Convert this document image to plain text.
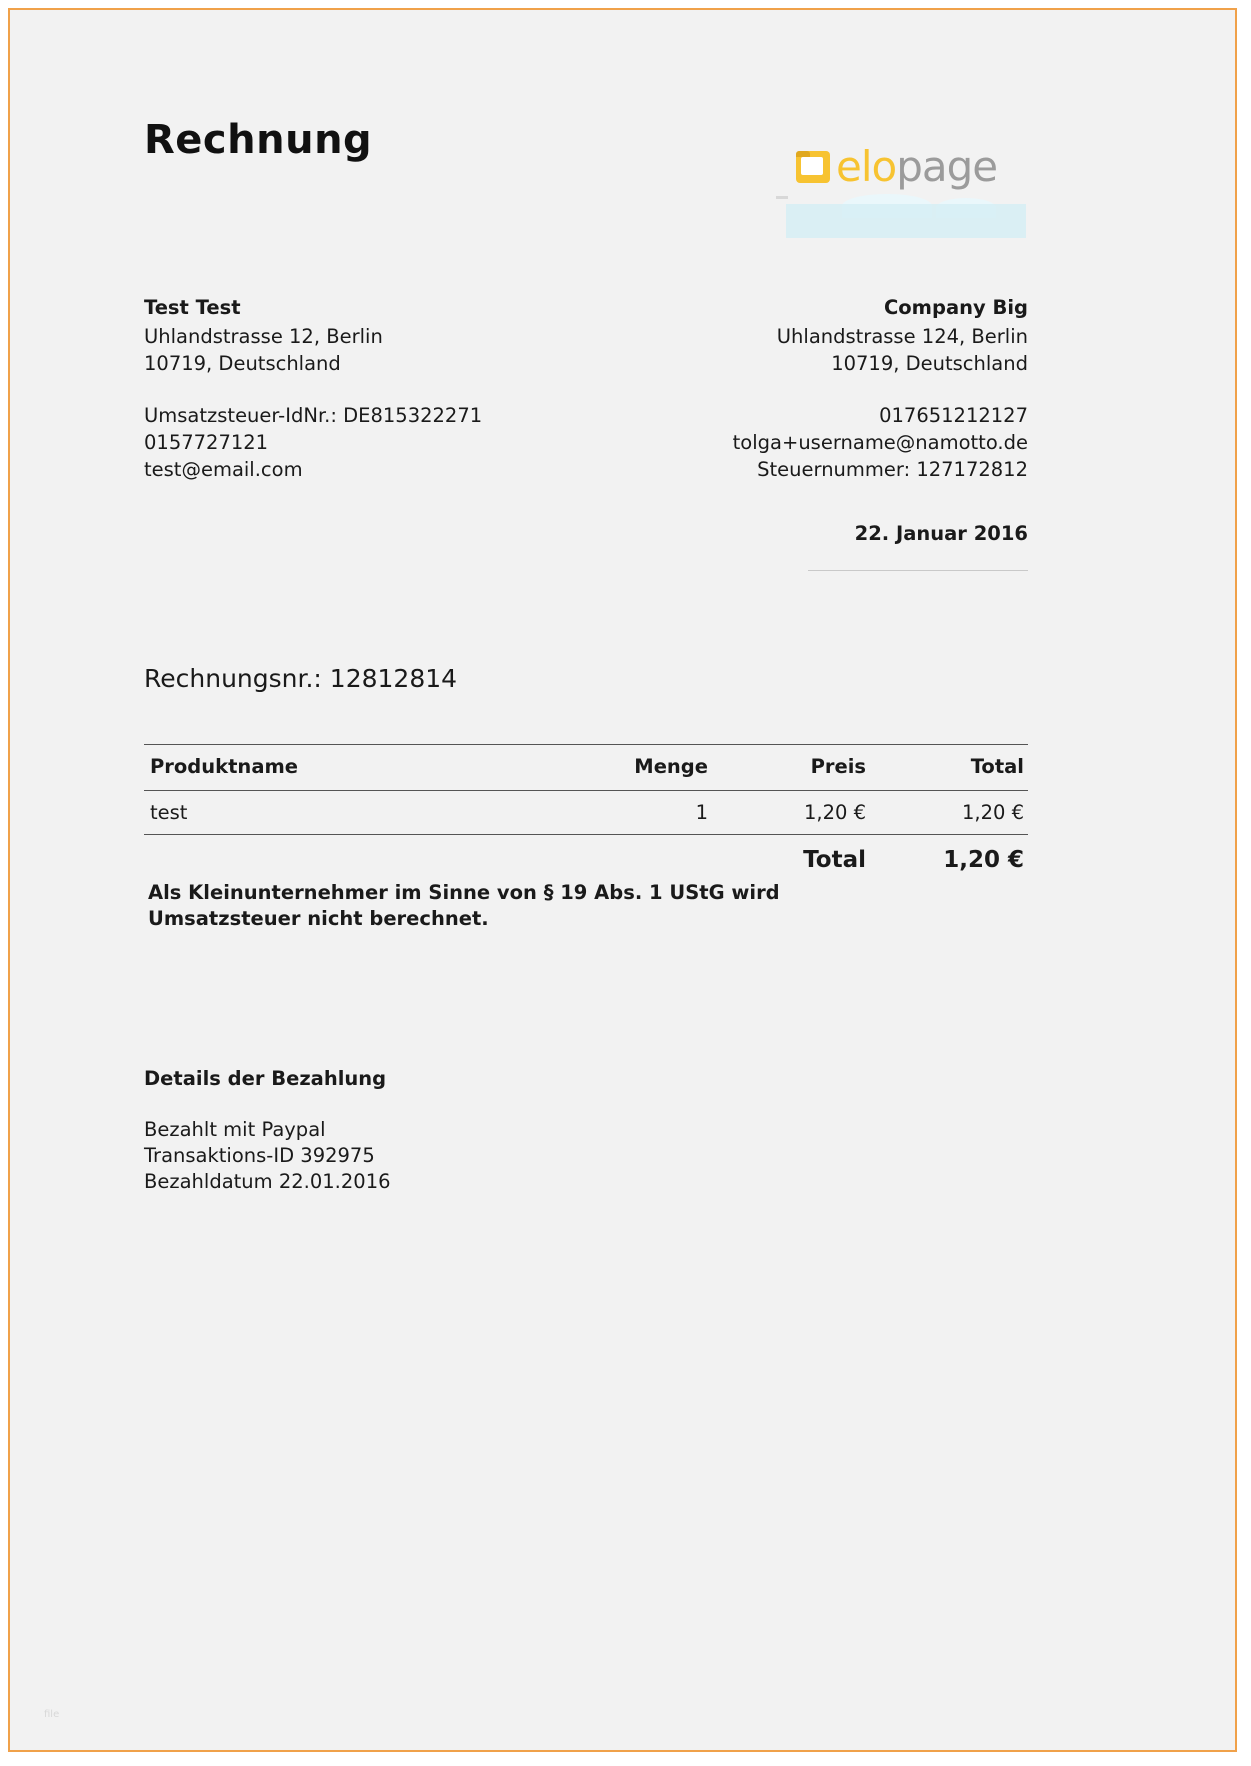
Rechnung
elo page
Test Test
Uhlandstrasse 12, Berlin
10719, Deutschland
Umsatzsteuer-IdNr.: DE815322271
0157727121
test@email.com
Company Big
Uhlandstrasse 124, Berlin
10719, Deutschland
017651212127
tolga+username@namotto.de
Steuernummer: 127172812
22. Januar 2016
Rechnungsnr.: 12812814
Produktname	Menge	Preis	Total
test	1	1,20 €	1,20 €
		Total	1,20 €
Als Kleinunternehmer im Sinne von § 19 Abs. 1 UStG wird
Umsatzsteuer nicht berechnet.
Details der Bezahlung
Bezahlt mit Paypal
Transaktions-ID 392975
Bezahldatum 22.01.2016
file
